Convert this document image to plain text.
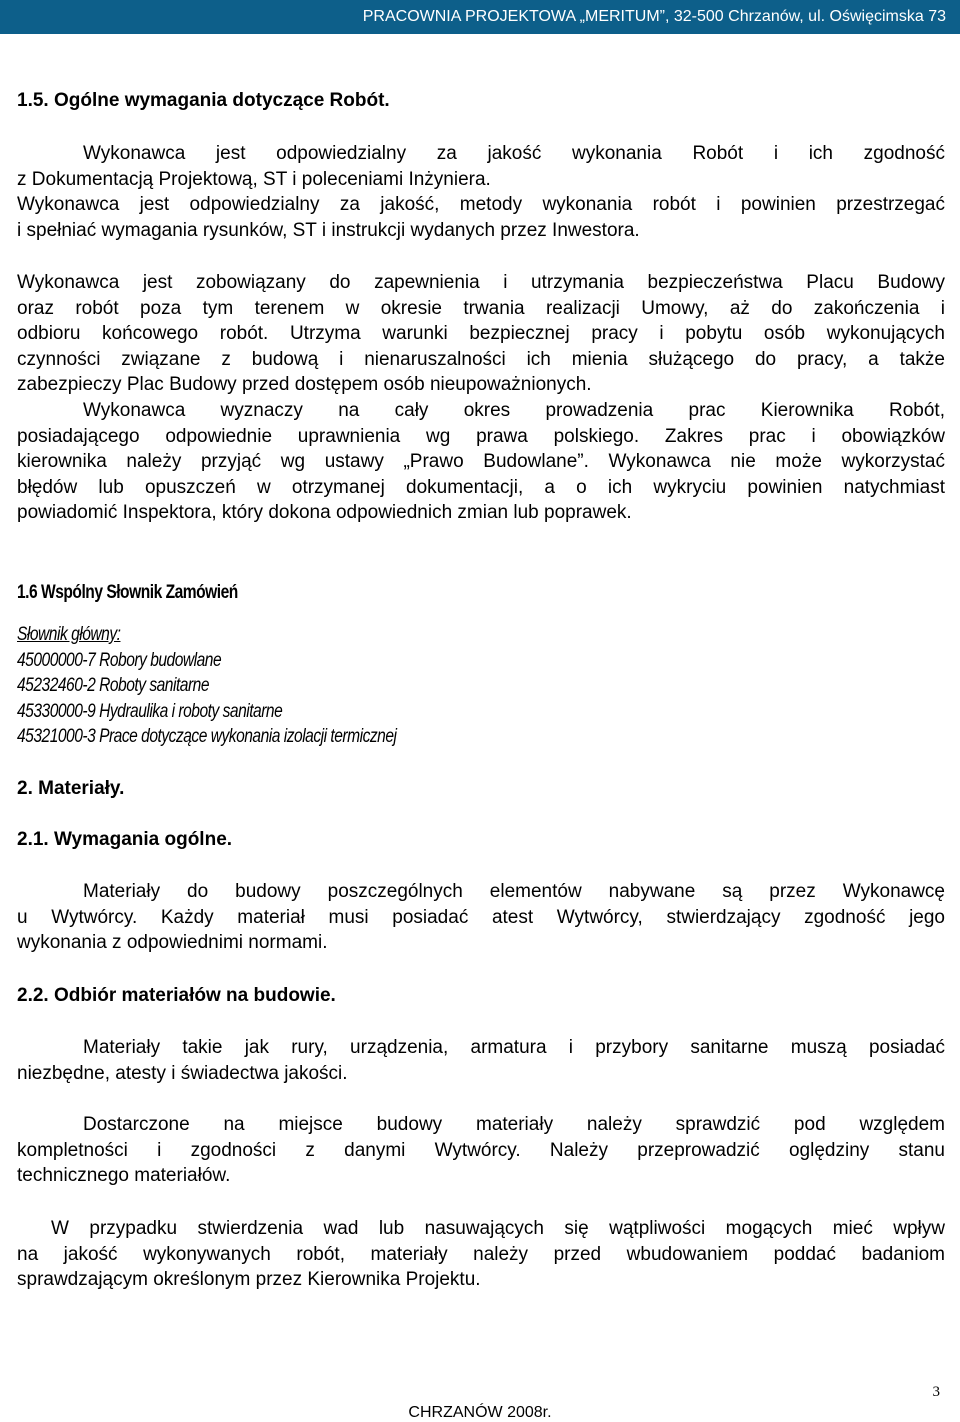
PRACOWNIA PROJEKTOWA „MERITUM”, 32-500 Chrzanów, ul. Oświęcimska 73
1.5. Ogólne wymagania dotyczące Robót.

Wykonawca jest odpowiedzialny za jakość wykonania Robót i ich zgodność

z Dokumentacją Projektową, ST i poleceniami Inżyniera.

Wykonawca jest odpowiedzialny za jakość, metody wykonania robót i powinien przestrzegać

i spełniać wymagania rysunków, ST i instrukcji wydanych przez Inwestora.

Wykonawca jest zobowiązany do zapewnienia i utrzymania bezpieczeństwa Placu Budowy

oraz robót poza tym terenem w okresie trwania realizacji Umowy, aż do zakończenia i

odbioru końcowego robót. Utrzyma warunki bezpiecznej pracy i pobytu osób wykonujących

czynności związane z budową i nienaruszalności ich mienia służącego do pracy, a także

zabezpieczy Plac Budowy przed dostępem osób nieupoważnionych.

Wykonawca wyznaczy na cały okres prowadzenia prac Kierownika Robót,

posiadającego odpowiednie uprawnienia wg prawa polskiego. Zakres prac i obowiązków

kierownika należy przyjąć wg ustawy „Prawo Budowlane”. Wykonawca nie może wykorzystać

błędów lub opuszczeń w otrzymanej dokumentacji, a o ich wykryciu powinien natychmiast

powiadomić Inspektora, który dokona odpowiednich zmian lub poprawek.

1.6 Wspólny Słownik Zamówień

Słownik główny:

45000000-7 Robory budowlane

45232460-2 Roboty sanitarne

45330000-9 Hydraulika i roboty sanitarne

45321000-3 Prace dotyczące wykonania izolacji termicznej

2. Materiały.
2.1. Wymagania ogólne.

Materiały do budowy poszczególnych elementów nabywane są przez Wykonawcę

u Wytwórcy. Każdy materiał musi posiadać atest Wytwórcy, stwierdzający zgodność jego

wykonania z odpowiednimi normami.

2.2. Odbiór materiałów na budowie.

Materiały takie jak rury, urządzenia, armatura i przybory sanitarne muszą posiadać

niezbędne, atesty i świadectwa jakości.

Dostarczone na miejsce budowy materiały należy sprawdzić pod względem

kompletności i zgodności z danymi Wytwórcy. Należy przeprowadzić oględziny stanu

technicznego materiałów.

W przypadku stwierdzenia wad lub nasuwających się wątpliwości mogących mieć wpływ

na jakość wykonywanych robót, materiały należy przed wbudowaniem poddać badaniom

sprawdzającym określonym przez Kierownika Projektu.

3
CHRZANÓW 2008r.
